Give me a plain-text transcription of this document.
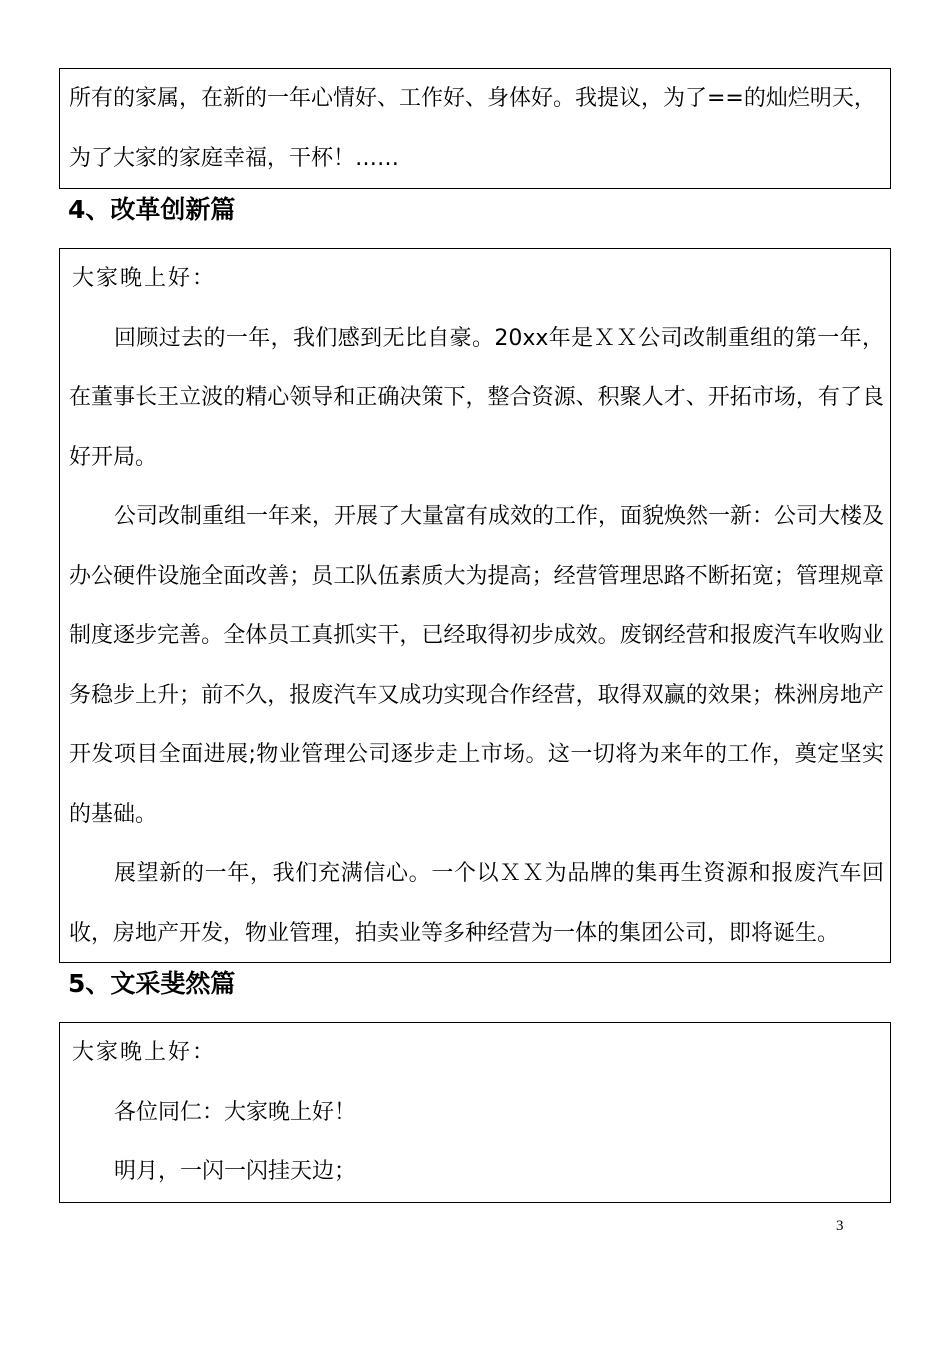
所有的家属，在新的一年心情好、工作好、身体好。我提议，为了==的灿烂明天，

为了大家的家庭幸福，干杯！……

4、改革创新篇

大家晚上好：

回顾过去的一年，我们感到无比自豪。20xx年是ＸＸ公司改制重组的第一年，在董事长王立波的精心领导和正确决策下，整合资源、积聚人才、开拓市场，有了良好开局。

公司改制重组一年来，开展了大量富有成效的工作，面貌焕然一新：公司大楼及办公硬件设施全面改善；员工队伍素质大为提高；经营管理思路不断拓宽；管理规章制度逐步完善。全体员工真抓实干，已经取得初步成效。废钢经营和报废汽车收购业务稳步上升；前不久，报废汽车又成功实现合作经营，取得双赢的效果；株洲房地产开发项目全面进展;物业管理公司逐步走上市场。这一切将为来年的工作，奠定坚实的基础。

展望新的一年，我们充满信心。一个以ＸＸ为品牌的集再生资源和报废汽车回收，房地产开发，物业管理，拍卖业等多种经营为一体的集团公司，即将诞生。

5、文采斐然篇

大家晚上好：

各位同仁：大家晚上好！

明月，一闪一闪挂天边；

3
